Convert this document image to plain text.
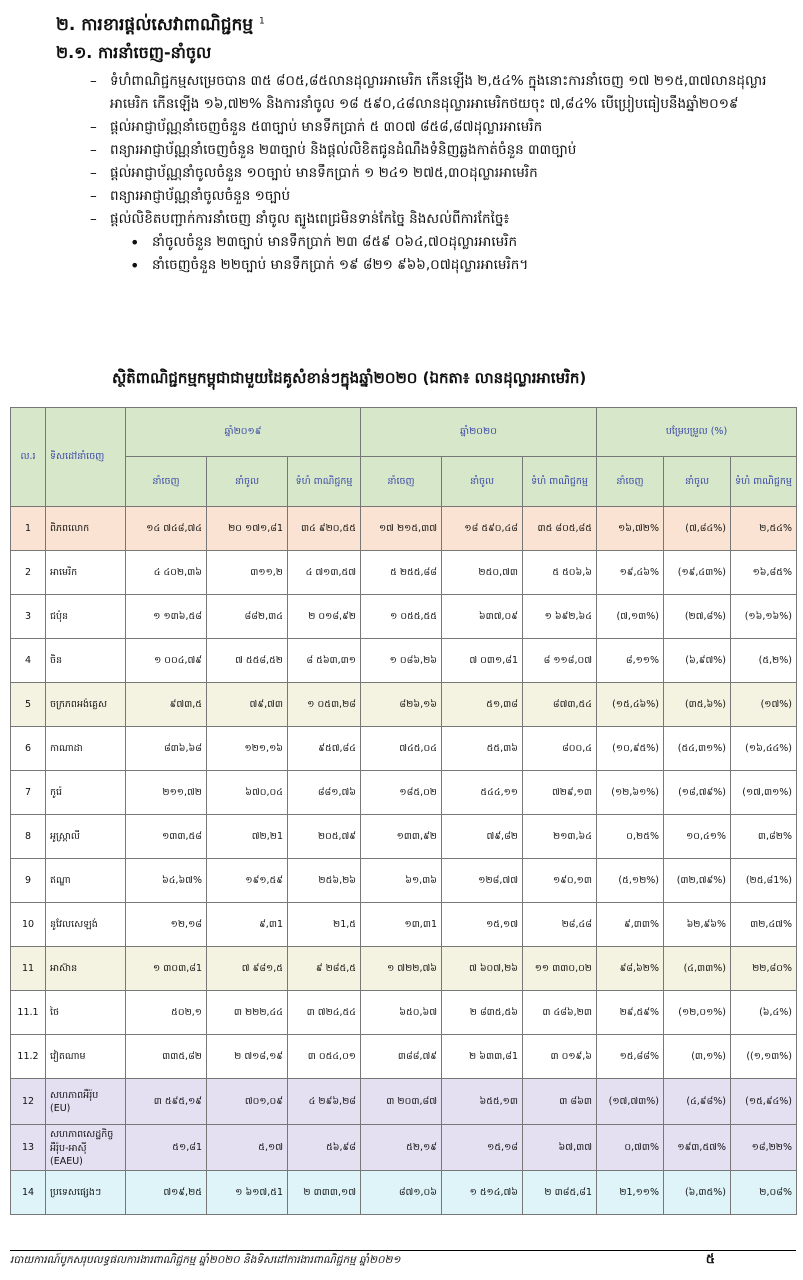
២. ការខារផ្ដល់សេវាពាណិជ្ជកម្ម $^1$
២.១. ការនាំចេញ-នាំចូល
– ទំហំពាណិជ្ជកម្មសម្រេចបាន ៣៥ ៨០៥,៨៥លានដុល្លារអាមេរិក កើនឡើង ២,៥៤% ក្នុងនោះការនាំចេញ ១៧ ២១៥,៣៧លានដុល្លារអាមេរិក កើនឡើង ១៦,៧២% និងការនាំចូល ១៨ ៥៩០,៤៨លានដុល្លារអាមេរិកថយចុះ ៧,៨៤% បើប្រៀបធៀបនឹងឆ្នាំ២០១៩
– ផ្ដល់អាជ្ញាប័ណ្ណនាំចេញចំនួន ៥៣ច្បាប់ មានទឹកប្រាក់ ៥ ៣០៧ ៨៥៨,៨៧ដុល្លារអាមេរិក
– ពន្យារអាជ្ញាប័ណ្ណនាំចេញចំនួន ២៣ច្បាប់ និងផ្ដល់លិខិតជូនដំណឹងទំនិញឆ្លងកាត់ចំនួន ៣៣ច្បាប់
– ផ្ដល់អាជ្ញាប័ណ្ណនាំចូលចំនួន ១០ច្បាប់ មានទឹកប្រាក់ ១ ២៤១ ២៧៥,៣០ដុល្លារអាមេរិក
– ពន្យារអាជ្ញាប័ណ្ណនាំចូលចំនួន ១ច្បាប់
– ផ្ដល់លិខិតបញ្ជាក់ការនាំចេញ នាំចូល ត្បូងពេជ្រមិនទាន់កែច្នៃ និងសល់ពីការកែច្នៃ៖
• នាំចូលចំនួន ២៣ច្បាប់ មានទឹកប្រាក់ ២៣ ៨៥៩ ០៦៤,៧០ដុល្លារអាមេរិក
• នាំចេញចំនួន ២២ច្បាប់ មានទឹកប្រាក់ ១៩ ៨២១ ៩៦៦,០៧ដុល្លារអាមេរិក។
ស្ថិតិពាណិជ្ជកម្មកម្ពុជាជាមួយដៃគូសំខាន់ៗក្នុងឆ្នាំ២០២០ (ឯកតា៖ លានដុល្លារអាមេរិក)
ល.រ	ទិសដៅនាំចេញ	ឆ្នាំ២០១៩			ឆ្នាំ២០២០			បម្រែបម្រួល (%)		
		នាំចេញ	នាំចូល	ទំហំ ពាណិជ្ជកម្ម	នាំចេញ	នាំចូល	ទំហំ ពាណិជ្ជកម្ម	នាំចេញ	នាំចូល	ទំហំ ពាណិជ្ជកម្ម
1	ពិភពលោក	១៤ ៧៤៨,៧៤	២០ ១៧១,៨1	៣៤ ៩២០,៥៥	១៧ ២១៥,៣៧	១៨ ៥៩០,៤៨	៣៥ ៨០៥,៨៥	១៦,៧២%	(៧,៨៤%)	២,៥៤%
2	អាមេរិក	៤ ៤០២,៣៦	៣១១,២	៤ ៧១៣,៥៧	៥ ២៥៥,៨៨	២៥០,៧៣	៥ ៥០៦,៦	១៩,៤៦%	(១៩,៤៣%)	១៦,៨៥%
3	ជប៉ុន	១ ១៣៦,៥៨	៨៨២,៣៤	២ ០១៨,៩២	១ ០៥៥,៥៥	៦៣៧,០៩	១ ៦៩២,៦៤	(៧,១៣%)	(២៧,៨%)	(១៦,១៦%)
4	ចិន	១ ០០៤,៧៩	៧ ៥៥៨,៥២	៨ ៥៦៣,៣១	១ ០៨៦,២៦	៧ ០៣១,៨1	៨ ១១៨,០៧	៨,១១%	(៦,៩៧%)	(៥,២%)
5	ចក្រភពអង់គ្លេស	៩៧៣,៥	៧៩,៧៣	១ ០៥៣,២៨	៨២៦,១៦	៥១,៣៨	៨៧៣,៥៤	(១៥,៤៦%)	(៣៥,៦%)	(១៧%)
6	កាណាដា	៨៣៦,៦៨	១២១,១៦	៩៥៧,៨៤	៧៤៥,០៤	៥៥,៣៦	៨០០,៤	(១០,៩៥%)	(៥៤,៣១%)	(១៦,៤៤%)
7	កូរ៉េ	២១១,៧២	៦៧០,០៤	៨៨១,៧៦	១៨៥,០២	៥៤៤,១១	៧២៩,១៣	(១២,៦១%)	(១៨,៧៩%)	(១៧,៣១%)
8	អូស្ត្រាលី	១៣៣,៥៨	៧២,២1	២០៥,៧៩	១៣៣,៩២	៧៩,៨២	២១៣,៦៤	០,២៥%	១០,៤១%	៣,៨២%
9	ឥណ្ឌា	៦៤,៦៧%	១៩១,៥៩	២៥៦,២៦	៦១,៣៦	១២៨,៧៧	១៩០,១៣	(៥,១២%)	(៣២,៧៩%)	(២៥,៨1%)
10	នូវែលសេឡង់	១២,១៨	៩,៣1	២1,៥	១៣,៣1	១៥,១៧	២៨,៤៨	៩,៣៣%	៦២,៩៦%	៣២,៤៧%
11	អាស៊ាន	១ ៣០៣,៨1	៧ ៩៨១,៥	៩ ២៨៥,៥	១ ៧២២,៧៦	៧ ៦០៧,២៦	១១ ៣៣០,០២	៩៨,៦២%	(៤,៣៣%)	២២,៨០%
11.1	ថៃ	៥០២,១	៣ ២២២,៤៤	៣ ៧២៤,៥៤	៦៥០,៦៧	២ ៨៣៥,៥៦	៣ ៤៨៦,២៣	២៩,៥៩%	(១២,០១%)	(៦,៤%)
11.2	វៀតណាម	៣៣៥,៨២	២ ៧១៨,១៩	៣ ០៥៤,០១	៣៨៨,៧៩	២ ៦៣៣,៨1	៣ ០១៩,៦	១៥,៨៨%	(៣,១%)	((១,១៣%)
12	សហភាពអឺរ៉ុប
(EU)	៣ ៥៩៥,១៩	៧០១,០៩	៤ ២៩៦,២៨	៣ ២០៣,៨៧	៦៥៥,១៣	៣ ៨៦៣	(១៧,៧៣%)	(៤,៩៨%)	(១៥,៩៤%)
13	សហភាពសេដ្ឋកិច្ចអឺរ៉ុប-អាស៊ី
(EAEU)	៥១,៨1	៥,១៧	៥៦,៩៨	៥២,១៩	១៥,១៨	៦៧,៣៧	០,៧៣%	១៩៣,៥៧%	១៨,២២%
14	ប្រទេសផ្សេងៗ	៧១៩,២៥	១ ៦១៧,៥1	២ ៣៣៣,១៧	៨៧១,០៦	១ ៥១៤,៧៦	២ ៣៨៥,៨1	២1,១១%	(៦,៣៥%)	២,០៨%
របាយការណ៍បូកសរុបលទ្ធផលការងារពាណិជ្ជកម្ម ឆ្នាំ២០២០ និងទិសដៅការងារពាណិជ្ជកម្ម ឆ្នាំ២០២១	៥
